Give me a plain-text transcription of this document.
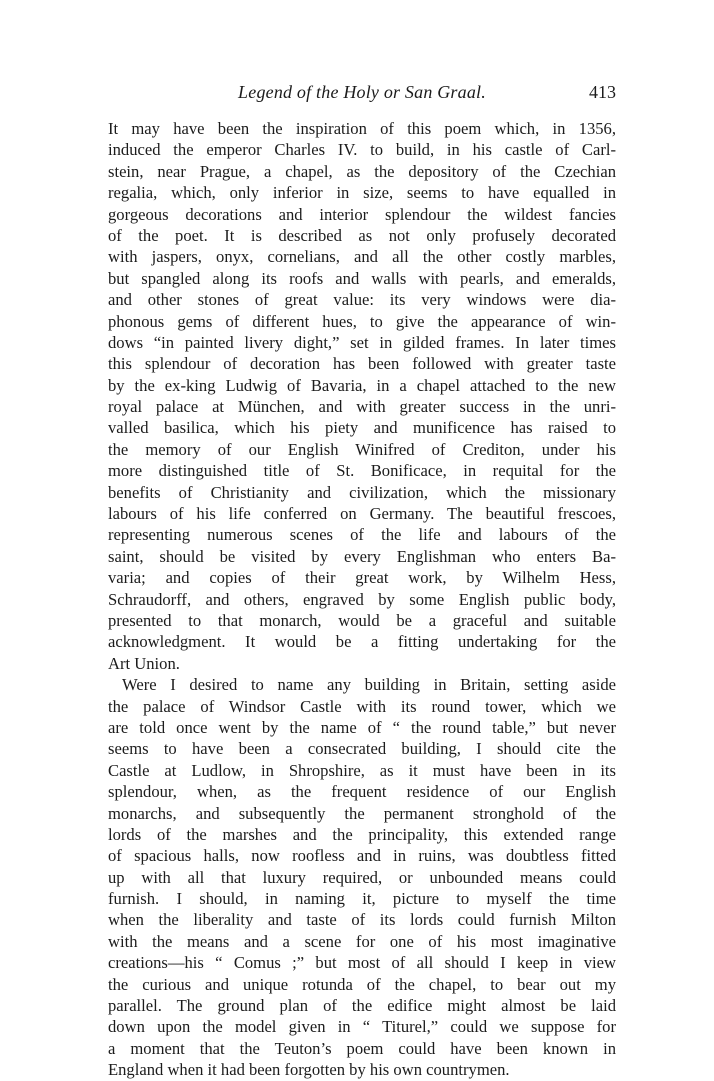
Legend of the Holy or San Graal.	413
It may have been the inspiration of this poem which, in 1356,
induced the emperor Charles IV. to build, in his castle of Carl-
stein, near Prague, a chapel, as the depository of the Czechian
regalia, which, only inferior in size, seems to have equalled in
gorgeous decorations and interior splendour the wildest fancies
of the poet. It is described as not only profusely decorated
with jaspers, onyx, cornelians, and all the other costly marbles,
but spangled along its roofs and walls with pearls, and emeralds,
and other stones of great value: its very windows were dia-
phonous gems of different hues, to give the appearance of win-
dows “in painted livery dight,” set in gilded frames. In later times
this splendour of decoration has been followed with greater taste
by the ex-king Ludwig of Bavaria, in a chapel attached to the new
royal palace at München, and with greater success in the unri-
valled basilica, which his piety and munificence has raised to
the memory of our English Winifred of Crediton, under his
more distinguished title of St. Bonificace, in requital for the
benefits of Christianity and civilization, which the missionary
labours of his life conferred on Germany. The beautiful frescoes,
representing numerous scenes of the life and labours of the
saint, should be visited by every Englishman who enters Ba-
varia; and copies of their great work, by Wilhelm Hess,
Schraudorff, and others, engraved by some English public body,
presented to that monarch, would be a graceful and suitable
acknowledgment. It would be a fitting undertaking for the
Art Union.
Were I desired to name any building in Britain, setting aside
the palace of Windsor Castle with its round tower, which we
are told once went by the name of “ the round table,” but never
seems to have been a consecrated building, I should cite the
Castle at Ludlow, in Shropshire, as it must have been in its
splendour, when, as the frequent residence of our English
monarchs, and subsequently the permanent stronghold of the
lords of the marshes and the principality, this extended range
of spacious halls, now roofless and in ruins, was doubtless fitted
up with all that luxury required, or unbounded means could
furnish. I should, in naming it, picture to myself the time
when the liberality and taste of its lords could furnish Milton
with the means and a scene for one of his most imaginative
creations—his “ Comus ;” but most of all should I keep in view
the curious and unique rotunda of the chapel, to bear out my
parallel. The ground plan of the edifice might almost be laid
down upon the model given in “ Titurel,” could we suppose for
a moment that the Teuton’s poem could have been known in
England when it had been forgotten by his own countrymen.
